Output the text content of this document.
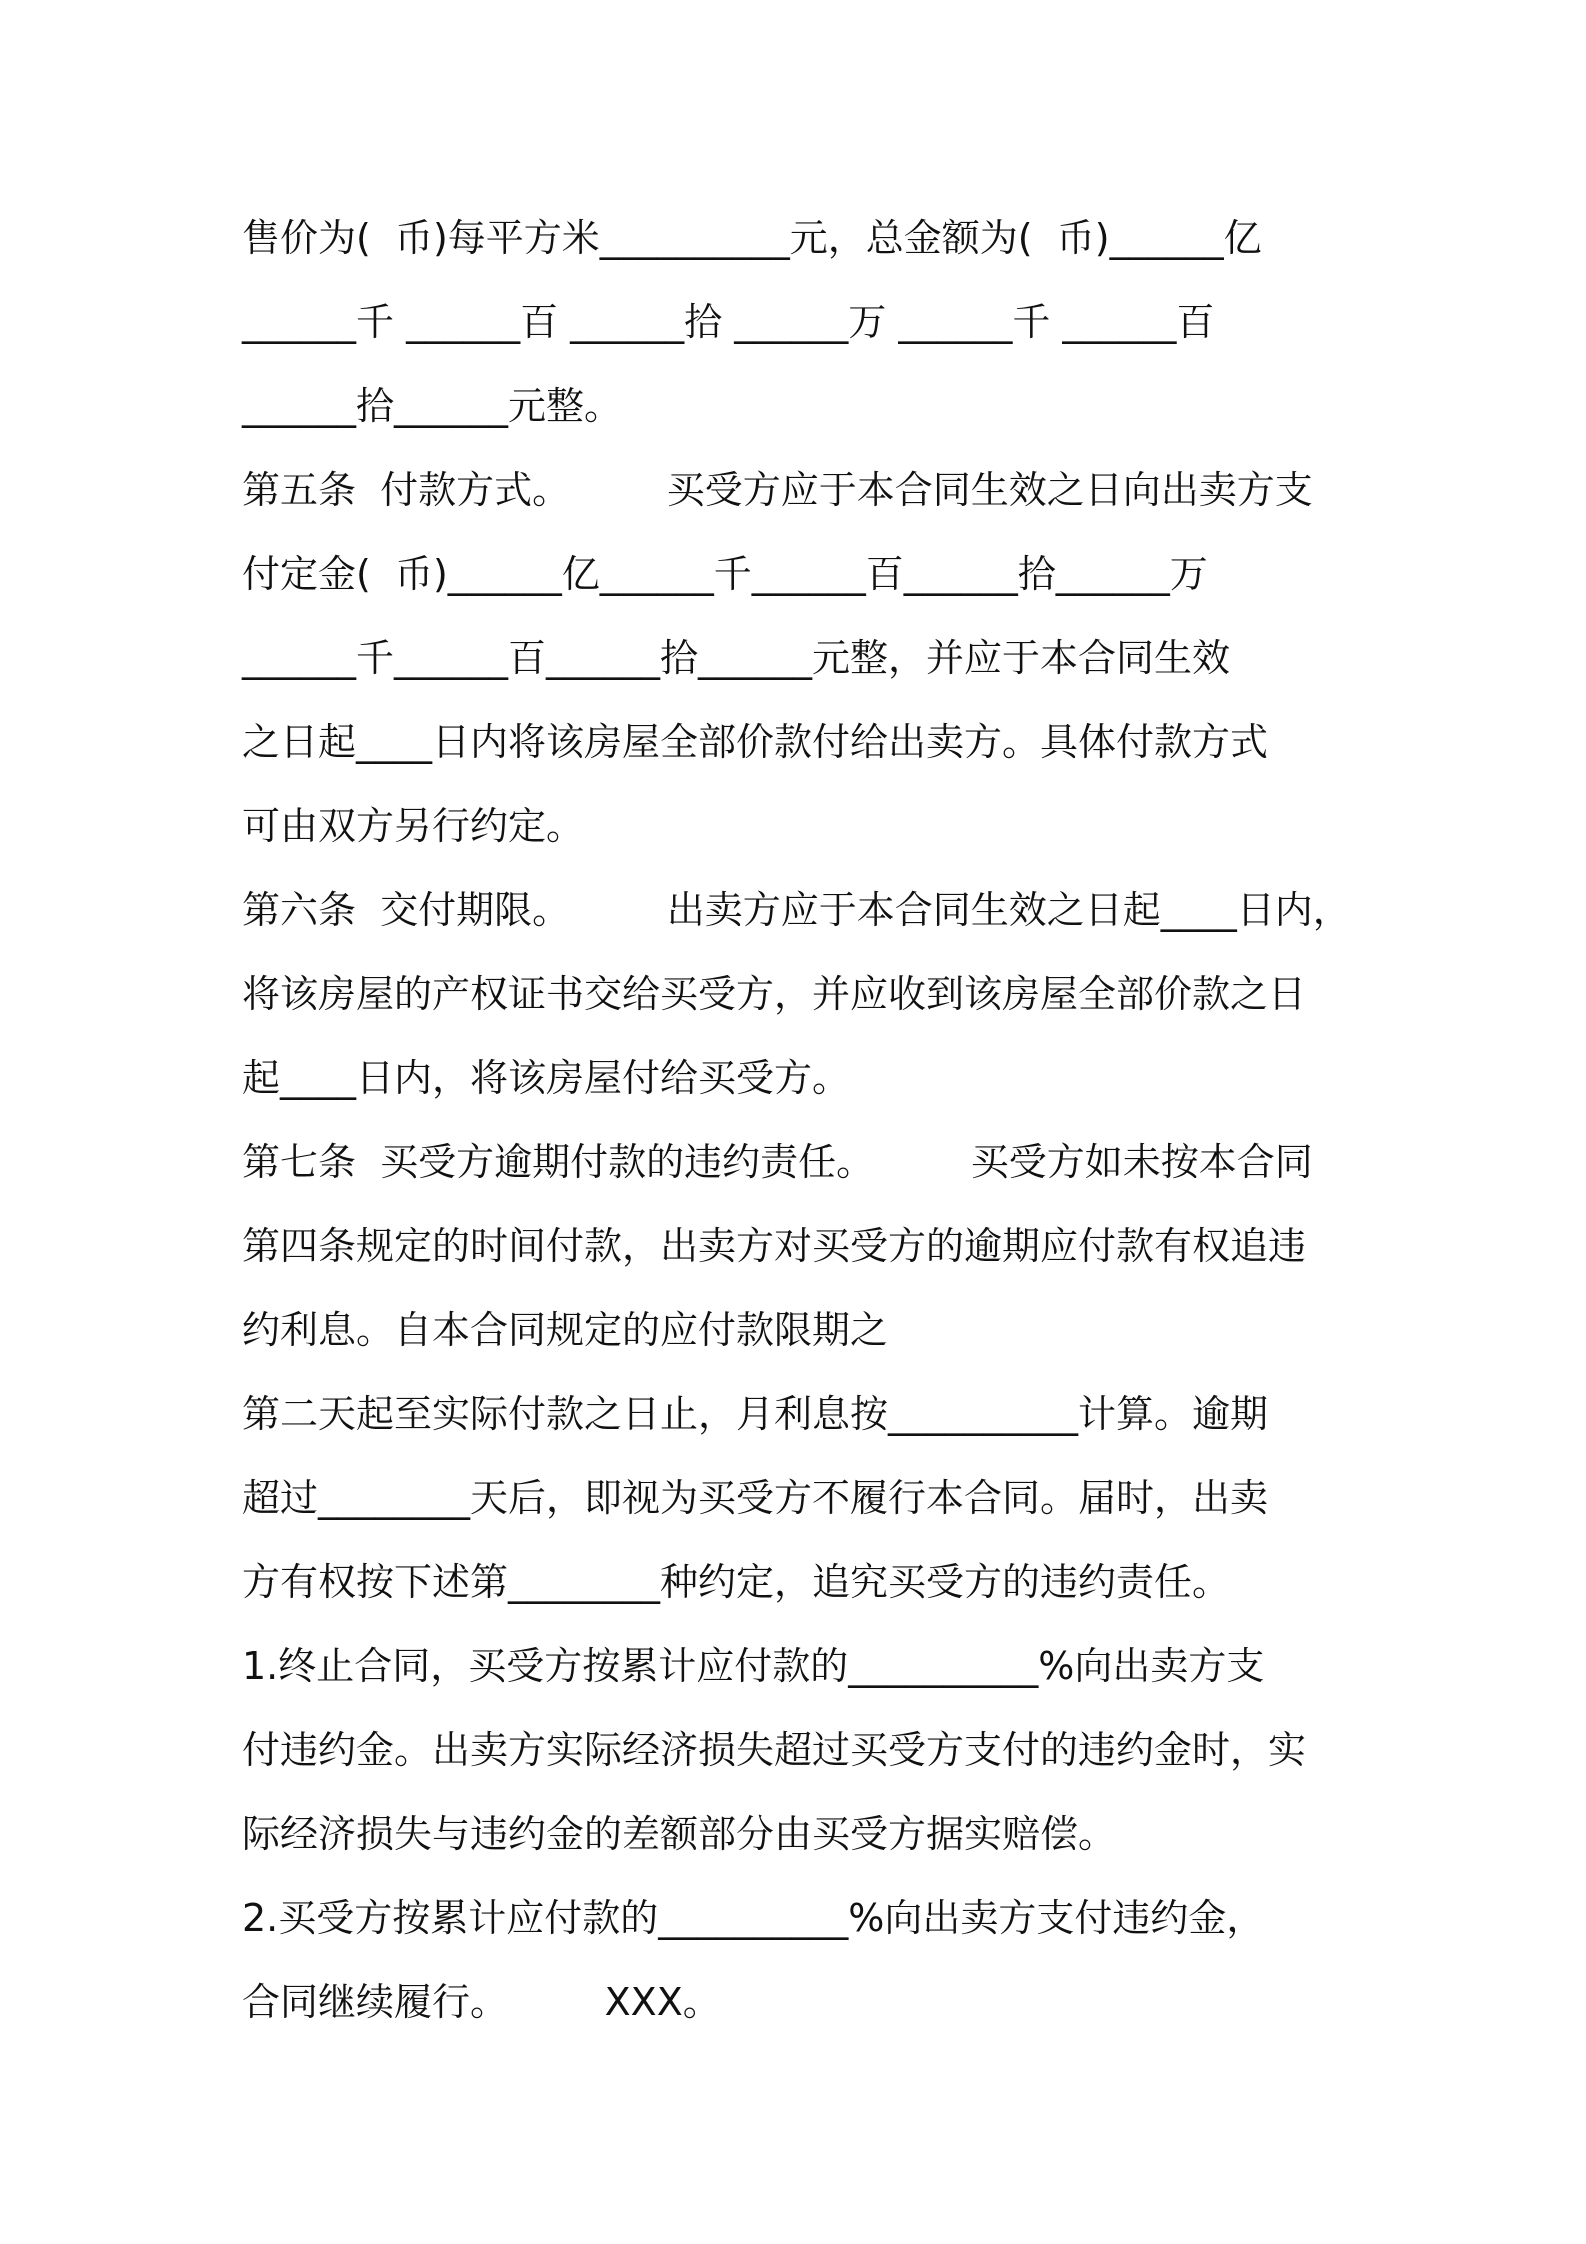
售价为(  币)每平方米__________元，总金额为(  币)______亿
______千 ______百 ______拾 ______万 ______千 ______百
______拾______元整。
第五条  付款方式。        买受方应于本合同生效之日向出卖方支
付定金(  币)______亿______千______百______拾______万
______千______百______拾______元整，并应于本合同生效
之日起____日内将该房屋全部价款付给出卖方。具体付款方式
可由双方另行约定。
第六条  交付期限。        出卖方应于本合同生效之日起____日内，
将该房屋的产权证书交给买受方，并应收到该房屋全部价款之日
起____日内，将该房屋付给买受方。
第七条  买受方逾期付款的违约责任。        买受方如未按本合同
第四条规定的时间付款，出卖方对买受方的逾期应付款有权追违
约利息。自本合同规定的应付款限期之
第二天起至实际付款之日止，月利息按__________计算。逾期
超过________天后，即视为买受方不履行本合同。届时，出卖
方有权按下述第________种约定，追究买受方的违约责任。
1.终止合同，买受方按累计应付款的__________%向出卖方支
付违约金。出卖方实际经济损失超过买受方支付的违约金时，实
际经济损失与违约金的差额部分由买受方据实赔偿。
2.买受方按累计应付款的__________%向出卖方支付违约金，
合同继续履行。        XXX。
